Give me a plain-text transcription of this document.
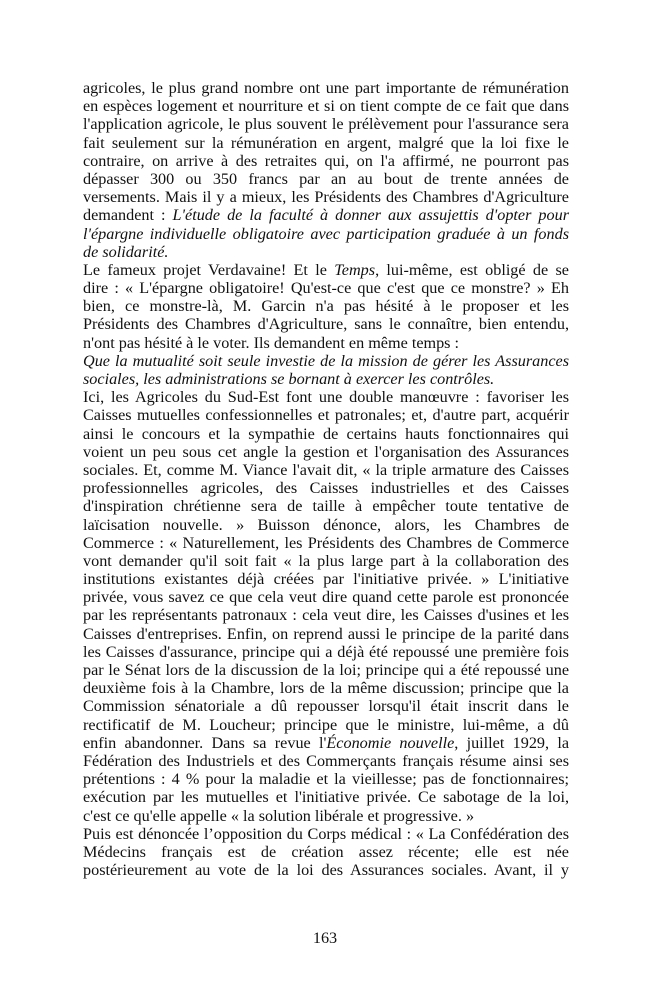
agricoles, le plus grand nombre ont une part importante de rémunération
en espèces logement et nourriture et si on tient compte de ce fait que dans
l'application agricole, le plus souvent le prélèvement pour l'assurance sera
fait seulement sur la rémunération en argent, malgré que la loi fixe le
contraire, on arrive à des retraites qui, on l'a affirmé, ne pourront pas
dépasser 300 ou 350 francs par an au bout de trente années de
versements. Mais il y a mieux, les Présidents des Chambres d'Agriculture
demandent : L'étude de la faculté à donner aux assujettis d'opter pour
l'épargne individuelle obligatoire avec participation graduée à un fonds
de solidarité.
Le fameux projet Verdavaine! Et le Temps, lui-même, est obligé de se
dire : « L'épargne obligatoire! Qu'est-ce que c'est que ce monstre? » Eh
bien, ce monstre-là, M. Garcin n'a pas hésité à le proposer et les
Présidents des Chambres d'Agriculture, sans le connaître, bien entendu,
n'ont pas hésité à le voter. Ils demandent en même temps :
Que la mutualité soit seule investie de la mission de gérer les Assurances
sociales, les administrations se bornant à exercer les contrôles.
Ici, les Agricoles du Sud-Est font une double manœuvre : favoriser les
Caisses mutuelles confessionnelles et patronales; et, d'autre part, acquérir
ainsi le concours et la sympathie de certains hauts fonctionnaires qui
voient un peu sous cet angle la gestion et l'organisation des Assurances
sociales. Et, comme M. Viance l'avait dit, « la triple armature des Caisses
professionnelles agricoles, des Caisses industrielles et des Caisses
d'inspiration chrétienne sera de taille à empêcher toute tentative de
laïcisation nouvelle. » Buisson dénonce, alors, les Chambres de
Commerce : « Naturellement, les Présidents des Chambres de Commerce
vont demander qu'il soit fait « la plus large part à la collaboration des
institutions existantes déjà créées par l'initiative privée. » L'initiative
privée, vous savez ce que cela veut dire quand cette parole est prononcée
par les représentants patronaux : cela veut dire, les Caisses d'usines et les
Caisses d'entreprises. Enfin, on reprend aussi le principe de la parité dans
les Caisses d'assurance, principe qui a déjà été repoussé une première fois
par le Sénat lors de la discussion de la loi; principe qui a été repoussé une
deuxième fois à la Chambre, lors de la même discussion; principe que la
Commission sénatoriale a dû repousser lorsqu'il était inscrit dans le
rectificatif de M. Loucheur; principe que le ministre, lui-même, a dû
enfin abandonner. Dans sa revue l'Économie nouvelle, juillet 1929, la
Fédération des Industriels et des Commerçants français résume ainsi ses
prétentions : 4 % pour la maladie et la vieillesse; pas de fonctionnaires;
exécution par les mutuelles et l'initiative privée. Ce sabotage de la loi,
c'est ce qu'elle appelle « la solution libérale et progressive. »
Puis est dénoncée l’opposition du Corps médical : « La Confédération des
Médecins français est de création assez récente; elle est née
postérieurement au vote de la loi des Assurances sociales. Avant, il y
163
